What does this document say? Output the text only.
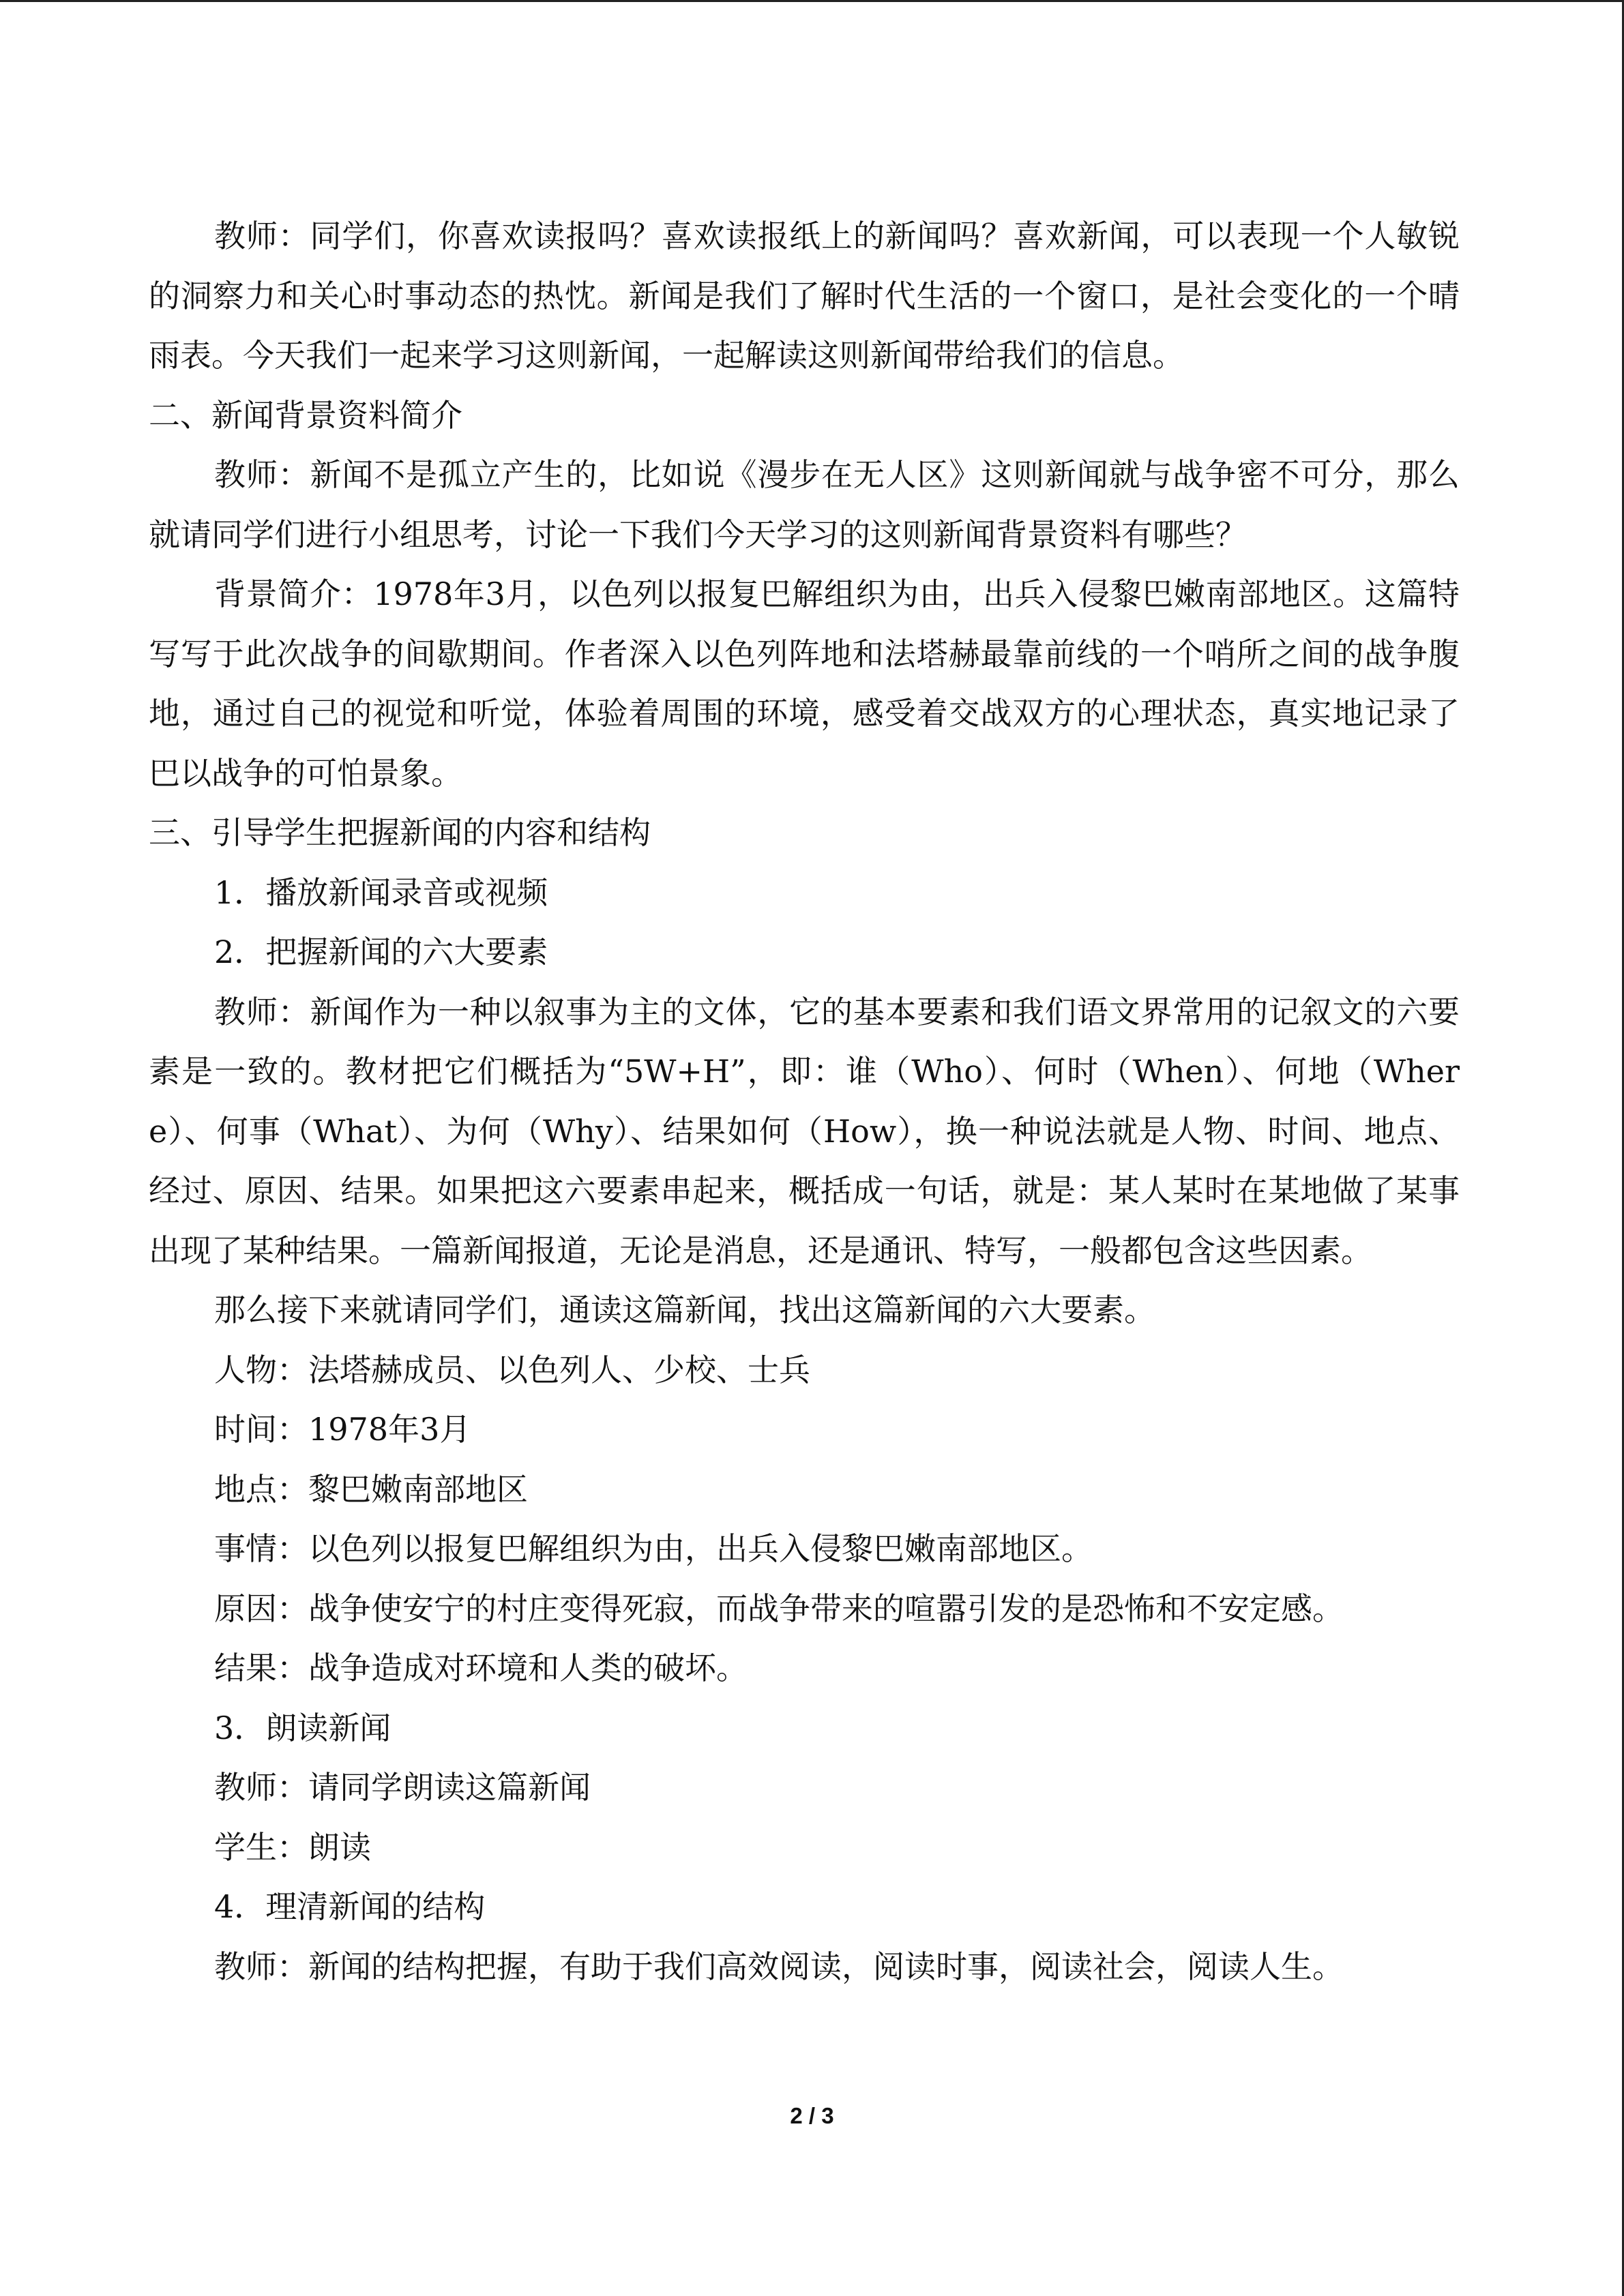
教师：同学们，你喜欢读报吗？喜欢读报纸上的新闻吗？喜欢新闻，可以表现一个人敏锐的洞察力和关心时事动态的热忱。新闻是我们了解时代生活的一个窗口，是社会变化的一个晴雨表。今天我们一起来学习这则新闻，一起解读这则新闻带给我们的信息。

二、新闻背景资料简介

教师：新闻不是孤立产生的，比如说《漫步在无人区》这则新闻就与战争密不可分，那么就请同学们进行小组思考，讨论一下我们今天学习的这则新闻背景资料有哪些？

背景简介：1978年3月，以色列以报复巴解组织为由，出兵入侵黎巴嫩南部地区。这篇特写写于此次战争的间歇期间。作者深入以色列阵地和法塔赫最靠前线的一个哨所之间的战争腹地，通过自己的视觉和听觉，体验着周围的环境，感受着交战双方的心理状态，真实地记录了巴以战争的可怕景象。

三、引导学生把握新闻的内容和结构

1．播放新闻录音或视频

2．把握新闻的六大要素

教师：新闻作为一种以叙事为主的文体，它的基本要素和我们语文界常用的记叙文的六要素是一致的。教材把它们概括为“5W+H”，即：谁（Who）、何时（When）、何地（Where）、何事（What）、为何（Why）、结果如何（How），换一种说法就是人物、时间、地点、经过、原因、结果。如果把这六要素串起来，概括成一句话，就是：某人某时在某地做了某事出现了某种结果。一篇新闻报道，无论是消息，还是通讯、特写，一般都包含这些因素。

那么接下来就请同学们，通读这篇新闻，找出这篇新闻的六大要素。

人物：法塔赫成员、以色列人、少校、士兵

时间：1978年3月

地点：黎巴嫩南部地区

事情：以色列以报复巴解组织为由，出兵入侵黎巴嫩南部地区。

原因：战争使安宁的村庄变得死寂，而战争带来的喧嚣引发的是恐怖和不安定感。

结果：战争造成对环境和人类的破坏。

3．朗读新闻

教师：请同学朗读这篇新闻

学生：朗读

4．理清新闻的结构

教师：新闻的结构把握，有助于我们高效阅读，阅读时事，阅读社会，阅读人生。

2 / 3
